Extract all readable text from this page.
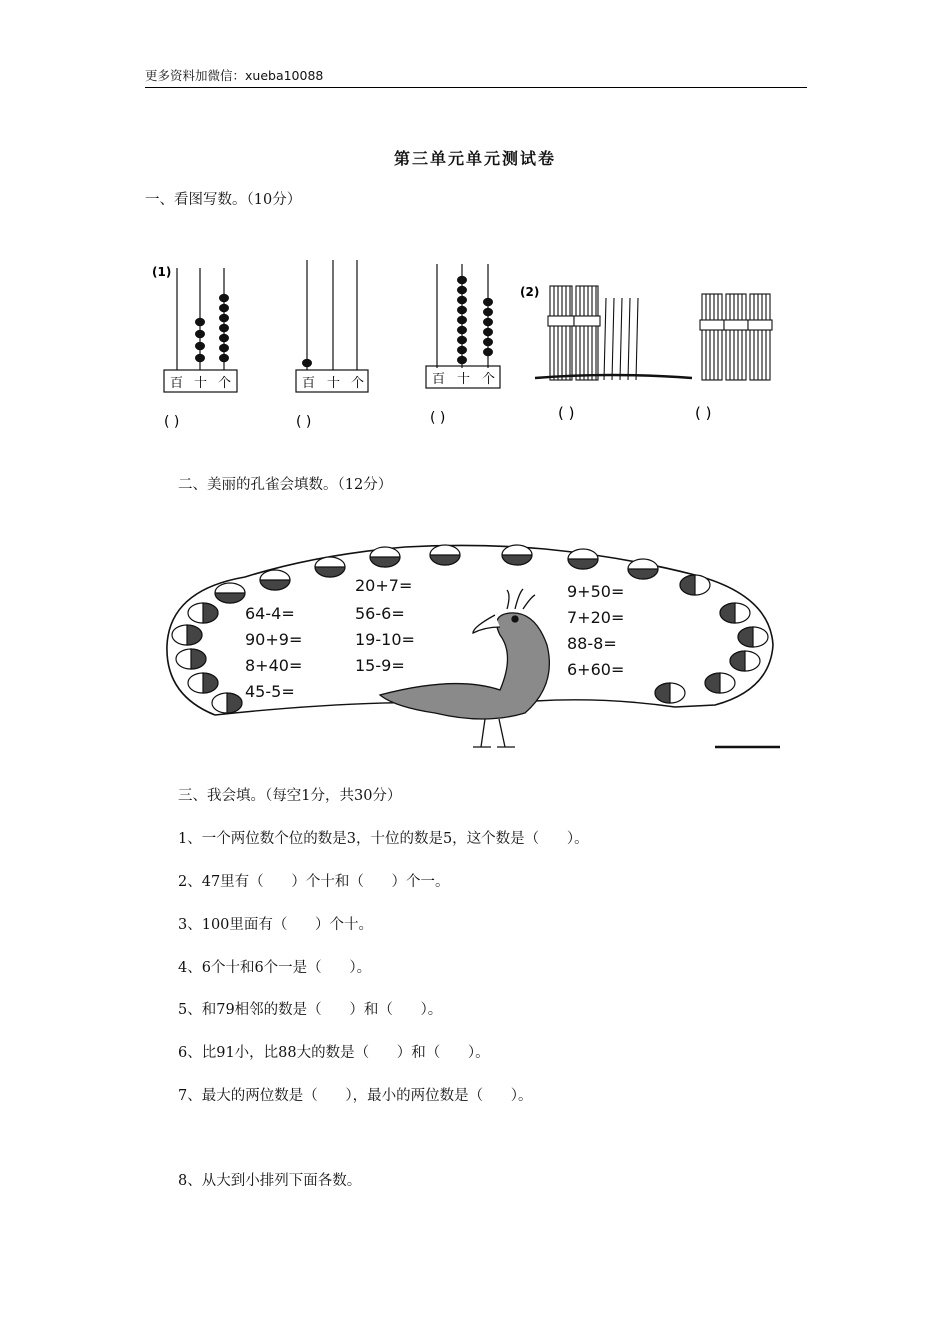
更多资料加微信：xueba10088
第三单元单元测试卷
一、看图写数。（10分）
(1)
百 十 个
( )
百 十 个
( )
百 十 个
( )
(2)
( )	( )
二、美丽的孔雀会填数。（12分）
64-4=
90+9=
8+40=
45-5=
20+7=
56-6=
19-10=
15-9=
9+50=
7+20=
88-8=
6+60=
三、我会填。（每空1分，共30分）
1、一个两位数个位的数是3，十位的数是5，这个数是（      ）。
2、47里有（      ）个十和（      ）个一。
3、100里面有（      ）个十。
4、6个十和6个一是（      ）。
5、和79相邻的数是（      ）和（      ）。
6、比91小，比88大的数是（      ）和（      ）。
7、最大的两位数是（      ），最小的两位数是（      ）。
8、从大到小排列下面各数。
